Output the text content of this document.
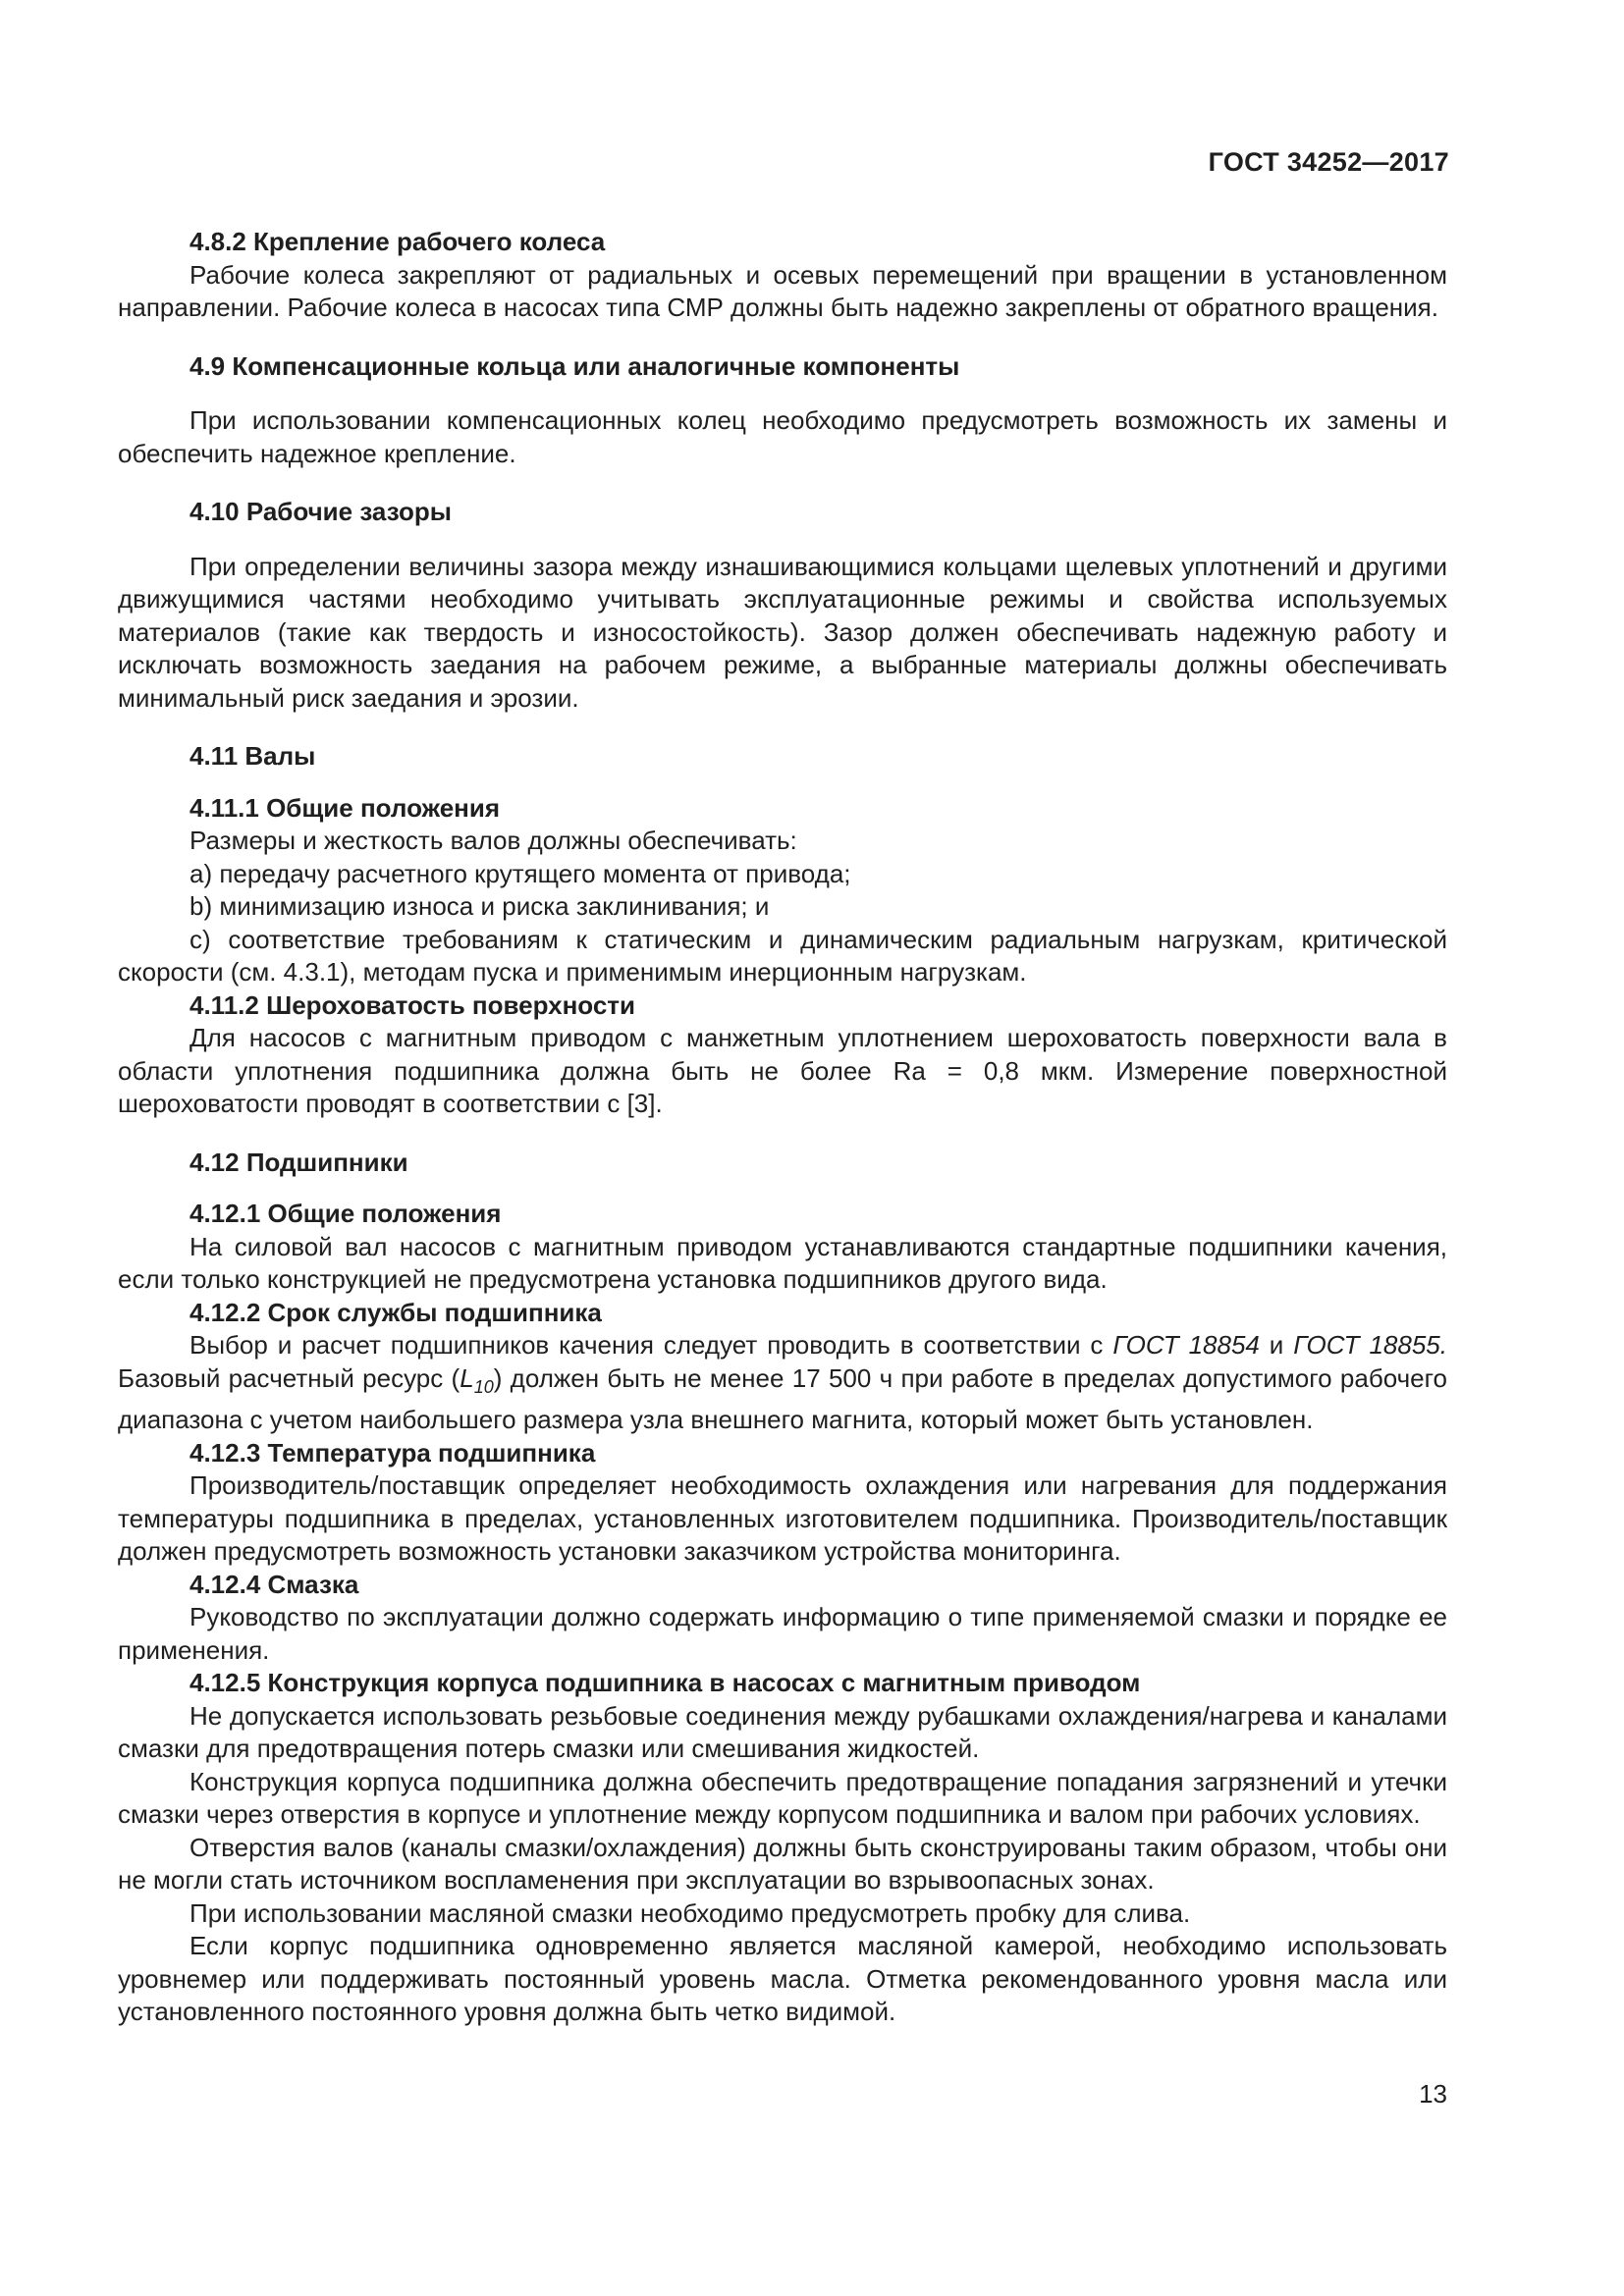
ГОСТ 34252—2017
4.8.2 Крепление рабочего колеса

Рабочие колеса закрепляют от радиальных и осевых перемещений при вращении в установленном направлении. Рабочие колеса в насосах типа СМР должны быть надежно закреплены от обратного вращения.

4.9 Компенсационные кольца или аналогичные компоненты

При использовании компенсационных колец необходимо предусмотреть возможность их замены и обеспечить надежное крепление.

4.10 Рабочие зазоры

При определении величины зазора между изнашивающимися кольцами щелевых уплотнений и другими движущимися частями необходимо учитывать эксплуатационные режимы и свойства используемых материалов (такие как твердость и износостойкость). Зазор должен обеспечивать надежную работу и исключать возможность заедания на рабочем режиме, а выбранные материалы должны обеспечивать минимальный риск заедания и эрозии.

4.11 Валы
4.11.1 Общие положения

Размеры и жесткость валов должны обеспечивать:

a) передачу расчетного крутящего момента от привода;

b) минимизацию износа и риска заклинивания; и

c) соответствие требованиям к статическим и динамическим радиальным нагрузкам, критической скорости (см. 4.3.1), методам пуска и применимым инерционным нагрузкам.

4.11.2 Шероховатость поверхности

Для насосов с магнитным приводом с манжетным уплотнением шероховатость поверхности вала в области уплотнения подшипника должна быть не более Ra = 0,8 мкм. Измерение поверхностной шероховатости проводят в соответствии с [3].

4.12 Подшипники
4.12.1 Общие положения

На силовой вал насосов с магнитным приводом устанавливаются стандартные подшипники качения, если только конструкцией не предусмотрена установка подшипников другого вида.

4.12.2 Срок службы подшипника

Выбор и расчет подшипников качения следует проводить в соответствии с ГОСТ 18854 и ГОСТ 18855. Базовый расчетный ресурс $(L_{10})$ должен быть не менее 17 500 ч при работе в пределах допустимого рабочего диапазона с учетом наибольшего размера узла внешнего магнита, который может быть установлен.

4.12.3 Температура подшипника

Производитель/поставщик определяет необходимость охлаждения или нагревания для поддержания температуры подшипника в пределах, установленных изготовителем подшипника. Производитель/поставщик должен предусмотреть возможность установки заказчиком устройства мониторинга.

4.12.4 Смазка

Руководство по эксплуатации должно содержать информацию о типе применяемой смазки и порядке ее применения.

4.12.5 Конструкция корпуса подшипника в насосах с магнитным приводом

Не допускается использовать резьбовые соединения между рубашками охлаждения/нагрева и каналами смазки для предотвращения потерь смазки или смешивания жидкостей.

Конструкция корпуса подшипника должна обеспечить предотвращение попадания загрязнений и утечки смазки через отверстия в корпусе и уплотнение между корпусом подшипника и валом при рабочих условиях.

Отверстия валов (каналы смазки/охлаждения) должны быть сконструированы таким образом, чтобы они не могли стать источником воспламенения при эксплуатации во взрывоопасных зонах.

При использовании масляной смазки необходимо предусмотреть пробку для слива.

Если корпус подшипника одновременно является масляной камерой, необходимо использовать уровнемер или поддерживать постоянный уровень масла. Отметка рекомендованного уровня масла или установленного постоянного уровня должна быть четко видимой.

13
